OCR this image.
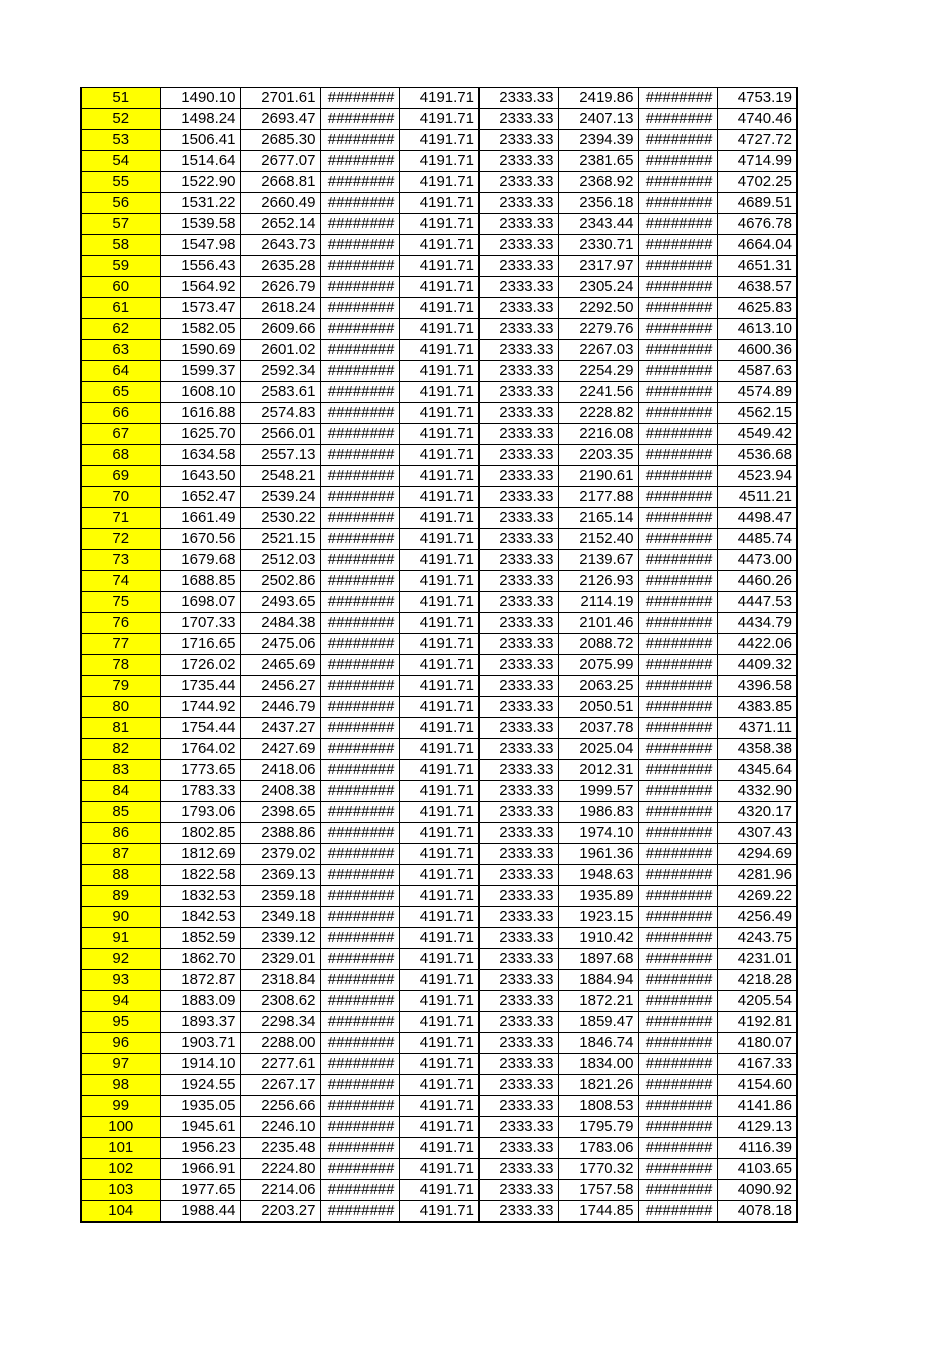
51	1490.10	2701.61	########	4191.71	2333.33	2419.86	########	4753.19
52	1498.24	2693.47	########	4191.71	2333.33	2407.13	########	4740.46
53	1506.41	2685.30	########	4191.71	2333.33	2394.39	########	4727.72
54	1514.64	2677.07	########	4191.71	2333.33	2381.65	########	4714.99
55	1522.90	2668.81	########	4191.71	2333.33	2368.92	########	4702.25
56	1531.22	2660.49	########	4191.71	2333.33	2356.18	########	4689.51
57	1539.58	2652.14	########	4191.71	2333.33	2343.44	########	4676.78
58	1547.98	2643.73	########	4191.71	2333.33	2330.71	########	4664.04
59	1556.43	2635.28	########	4191.71	2333.33	2317.97	########	4651.31
60	1564.92	2626.79	########	4191.71	2333.33	2305.24	########	4638.57
61	1573.47	2618.24	########	4191.71	2333.33	2292.50	########	4625.83
62	1582.05	2609.66	########	4191.71	2333.33	2279.76	########	4613.10
63	1590.69	2601.02	########	4191.71	2333.33	2267.03	########	4600.36
64	1599.37	2592.34	########	4191.71	2333.33	2254.29	########	4587.63
65	1608.10	2583.61	########	4191.71	2333.33	2241.56	########	4574.89
66	1616.88	2574.83	########	4191.71	2333.33	2228.82	########	4562.15
67	1625.70	2566.01	########	4191.71	2333.33	2216.08	########	4549.42
68	1634.58	2557.13	########	4191.71	2333.33	2203.35	########	4536.68
69	1643.50	2548.21	########	4191.71	2333.33	2190.61	########	4523.94
70	1652.47	2539.24	########	4191.71	2333.33	2177.88	########	4511.21
71	1661.49	2530.22	########	4191.71	2333.33	2165.14	########	4498.47
72	1670.56	2521.15	########	4191.71	2333.33	2152.40	########	4485.74
73	1679.68	2512.03	########	4191.71	2333.33	2139.67	########	4473.00
74	1688.85	2502.86	########	4191.71	2333.33	2126.93	########	4460.26
75	1698.07	2493.65	########	4191.71	2333.33	2114.19	########	4447.53
76	1707.33	2484.38	########	4191.71	2333.33	2101.46	########	4434.79
77	1716.65	2475.06	########	4191.71	2333.33	2088.72	########	4422.06
78	1726.02	2465.69	########	4191.71	2333.33	2075.99	########	4409.32
79	1735.44	2456.27	########	4191.71	2333.33	2063.25	########	4396.58
80	1744.92	2446.79	########	4191.71	2333.33	2050.51	########	4383.85
81	1754.44	2437.27	########	4191.71	2333.33	2037.78	########	4371.11
82	1764.02	2427.69	########	4191.71	2333.33	2025.04	########	4358.38
83	1773.65	2418.06	########	4191.71	2333.33	2012.31	########	4345.64
84	1783.33	2408.38	########	4191.71	2333.33	1999.57	########	4332.90
85	1793.06	2398.65	########	4191.71	2333.33	1986.83	########	4320.17
86	1802.85	2388.86	########	4191.71	2333.33	1974.10	########	4307.43
87	1812.69	2379.02	########	4191.71	2333.33	1961.36	########	4294.69
88	1822.58	2369.13	########	4191.71	2333.33	1948.63	########	4281.96
89	1832.53	2359.18	########	4191.71	2333.33	1935.89	########	4269.22
90	1842.53	2349.18	########	4191.71	2333.33	1923.15	########	4256.49
91	1852.59	2339.12	########	4191.71	2333.33	1910.42	########	4243.75
92	1862.70	2329.01	########	4191.71	2333.33	1897.68	########	4231.01
93	1872.87	2318.84	########	4191.71	2333.33	1884.94	########	4218.28
94	1883.09	2308.62	########	4191.71	2333.33	1872.21	########	4205.54
95	1893.37	2298.34	########	4191.71	2333.33	1859.47	########	4192.81
96	1903.71	2288.00	########	4191.71	2333.33	1846.74	########	4180.07
97	1914.10	2277.61	########	4191.71	2333.33	1834.00	########	4167.33
98	1924.55	2267.17	########	4191.71	2333.33	1821.26	########	4154.60
99	1935.05	2256.66	########	4191.71	2333.33	1808.53	########	4141.86
100	1945.61	2246.10	########	4191.71	2333.33	1795.79	########	4129.13
101	1956.23	2235.48	########	4191.71	2333.33	1783.06	########	4116.39
102	1966.91	2224.80	########	4191.71	2333.33	1770.32	########	4103.65
103	1977.65	2214.06	########	4191.71	2333.33	1757.58	########	4090.92
104	1988.44	2203.27	########	4191.71	2333.33	1744.85	########	4078.18
